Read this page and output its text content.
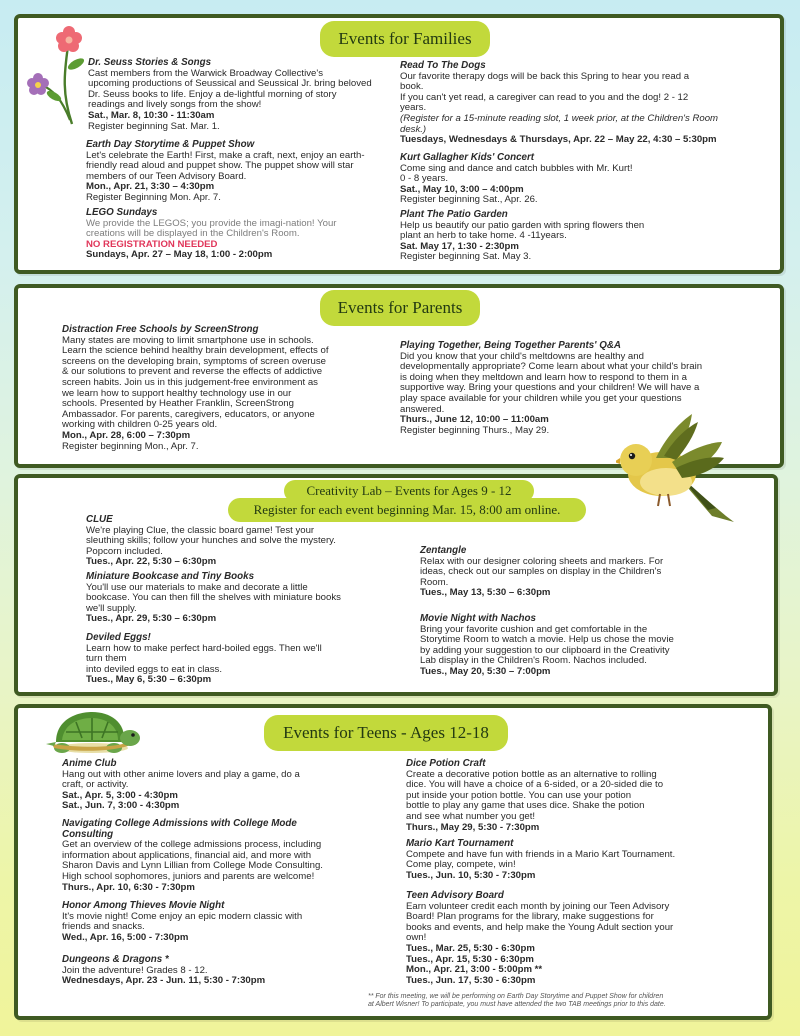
Events for Families
Dr. Seuss Stories & Songs
Cast members from the Warwick Broadway Collective's
upcoming productions of Seussical and Seussical Jr. bring beloved
Dr. Seuss books to life. Enjoy a de-lightful morning of story
readings and lively songs from the show!
Sat., Mar. 8, 10:30 - 11:30am
Register beginning Sat. Mar. 1.
Earth Day Storytime & Puppet Show
Let's celebrate the Earth! First, make a craft, next, enjoy an earth-
friendly read aloud and puppet show. The puppet show will star
members of our Teen Advisory Board.
Mon., Apr. 21, 3:30 – 4:30pm
Register Beginning Mon. Apr. 7.
LEGO Sundays
We provide the LEGOS; you provide the imagi-nation! Your
creations will be displayed in the Children's Room.
NO REGISTRATION NEEDED
Sundays, Apr. 27 – May 18, 1:00 - 2:00pm
Read To The Dogs
Our favorite therapy dogs will be back this Spring to hear you read a
book.
If you can't yet read, a caregiver can read to you and the dog! 2 - 12
years.
(Register for a 15-minute reading slot, 1 week prior, at the Children's Room
desk.)
Tuesdays, Wednesdays & Thursdays, Apr. 22 – May 22, 4:30 – 5:30pm
Kurt Gallagher Kids' Concert
Come sing and dance and catch bubbles with Mr. Kurt!
0 - 8 years.
Sat., May 10, 3:00 – 4:00pm
Register beginning Sat., Apr. 26.
Plant The Patio Garden
Help us beautify our patio garden with spring flowers then
plant an herb to take home. 4 -11years.
Sat. May 17, 1:30 - 2:30pm
Register beginning Sat. May 3.
Events for Parents
Distraction Free Schools by ScreenStrong
Many states are moving to limit smartphone use in schools.
Learn the science behind healthy brain development, effects of
screens on the developing brain, symptoms of screen overuse
& our solutions to prevent and reverse the effects of addictive
screen habits. Join us in this judgement-free environment as
we learn how to support healthy technology use in our
schools. Presented by Heather Franklin, ScreenStrong
Ambassador. For parents, caregivers, educators, or anyone
working with children 0-25 years old.
Mon., Apr. 28, 6:00 – 7:30pm
Register beginning Mon., Apr. 7.
Playing Together, Being Together Parents' Q&A
Did you know that your child's meltdowns are healthy and
developmentally appropriate? Come learn about what your child's brain
is doing when they meltdown and learn how to respond to them in a
supportive way. Bring your questions and your children! We will have a
play space available for your children while you get your questions
answered.
Thurs., June 12, 10:00 – 11:00am
Register beginning Thurs., May 29.
Creativity Lab – Events for Ages 9 - 12
Register for each event beginning Mar. 15, 8:00 am online.
CLUE
We're playing Clue, the classic board game! Test your
sleuthing skills; follow your hunches and solve the mystery.
Popcorn included.
Tues., Apr. 22, 5:30 – 6:30pm
Miniature Bookcase and Tiny Books
You'll use our materials to make and decorate a little
bookcase. You can then fill the shelves with miniature books
we'll supply.
Tues., Apr. 29, 5:30 – 6:30pm
Deviled Eggs!
Learn how to make perfect hard-boiled eggs. Then we'll
turn them
into deviled eggs to eat in class.
Tues., May 6, 5:30 – 6:30pm
Zentangle
Relax with our designer coloring sheets and markers. For
ideas, check out our samples on display in the Children's
Room.
Tues., May 13, 5:30 – 6:30pm
Movie Night with Nachos
Bring your favorite cushion and get comfortable in the
Storytime Room to watch a movie. Help us chose the movie
by adding your suggestion to our clipboard in the Creativity
Lab display in the Children's Room. Nachos included.
Tues., May 20, 5:30 – 7:00pm
Events for Teens - Ages 12-18
Anime Club
Hang out with other anime lovers and play a game, do a
craft, or activity.
Sat., Apr. 5, 3:00 - 4:30pm
Sat., Jun. 7, 3:00 - 4:30pm
Navigating College Admissions with College Mode
Consulting
Get an overview of the college admissions process, including
information about applications, financial aid, and more with
Sharon Davis and Lynn Lillian from College Mode Consulting.
High school sophomores, juniors and parents are welcome!
Thurs., Apr. 10, 6:30 - 7:30pm
Honor Among Thieves Movie Night
It's movie night! Come enjoy an epic modern classic with
friends and snacks.
Wed., Apr. 16, 5:00 - 7:30pm
Dungeons & Dragons *
Join the adventure! Grades 8 - 12.
Wednesdays, Apr. 23 - Jun. 11, 5:30 - 7:30pm
Dice Potion Craft
Create a decorative potion bottle as an alternative to rolling
dice. You will have a choice of a 6-sided, or a 20-sided die to
put inside your potion bottle. You can use your potion
bottle to play any game that uses dice. Shake the potion
and see what number you get!
Thurs., May 29, 5:30 - 7:30pm
Mario Kart Tournament
Compete and have fun with friends in a Mario Kart Tournament.
Come play, compete, win!
Tues., Jun. 10, 5:30 - 7:30pm
Teen Advisory Board
Earn volunteer credit each month by joining our Teen Advisory
Board! Plan programs for the library, make suggestions for
books and events, and help make the Young Adult section your
own!
Tues., Mar. 25, 5:30 - 6:30pm
Tues., Apr. 15, 5:30 - 6:30pm
Mon., Apr. 21, 3:00 - 5:00pm **
Tues., Jun. 17, 5:30 - 6:30pm
** For this meeting, we will be performing on Earth Day Storytime and Puppet Show for children
at Albert Wisner! To participate, you must have attended the two TAB meetings prior to this date.
